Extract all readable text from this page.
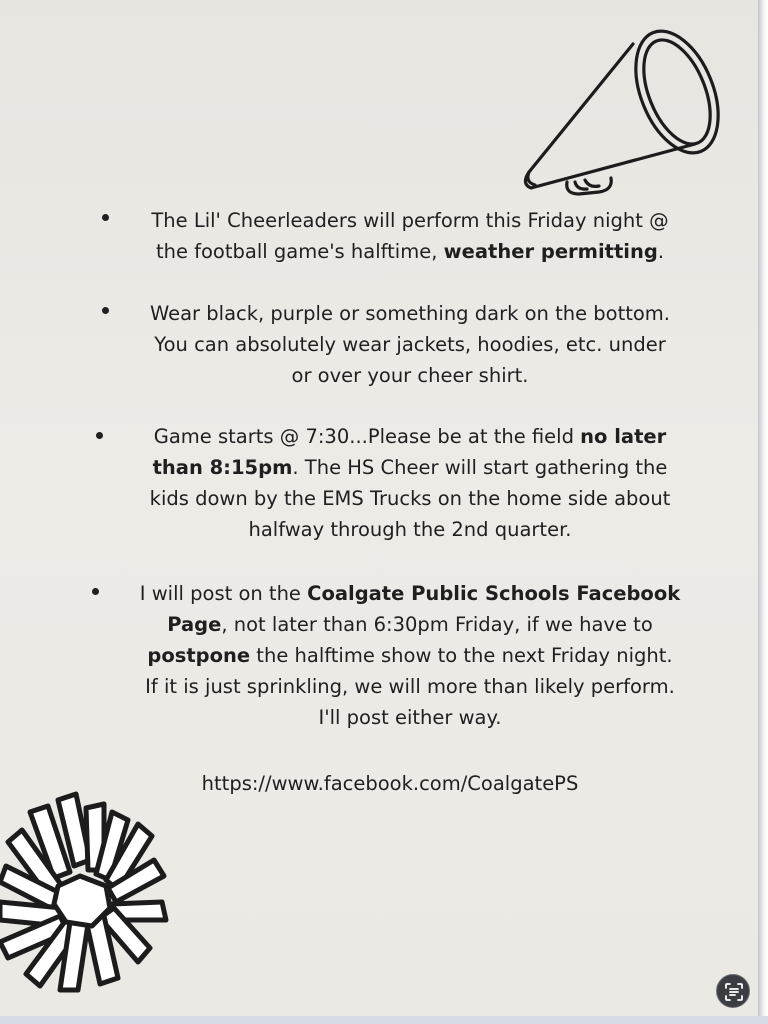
The Lil' Cheerleaders will perform this Friday night @
the football game's halftime, weather permitting.
Wear black, purple or something dark on the bottom.
You can absolutely wear jackets, hoodies, etc. under
or over your cheer shirt.
Game starts @ 7:30...Please be at the field no later
than 8:15pm. The HS Cheer will start gathering the
kids down by the EMS Trucks on the home side about
halfway through the 2nd quarter.
I will post on the Coalgate Public Schools Facebook
Page, not later than 6:30pm Friday, if we have to
postpone the halftime show to the next Friday night.
If it is just sprinkling, we will more than likely perform.
I'll post either way.
https://www.facebook.com/CoalgatePS
